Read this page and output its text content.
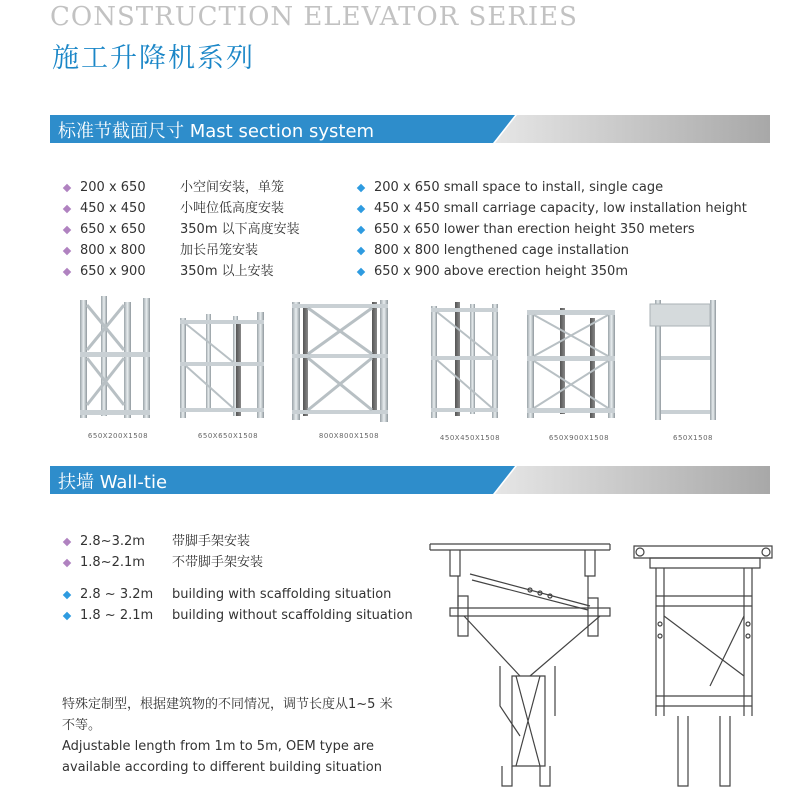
CONSTRUCTION ELEVATOR SERIES
施工升降机系列
标准节截面尺寸 Mast section system
200 x 650	小空间安装，单笼
450 x 450	小吨位低高度安装
650 x 650	350m 以下高度安装
800 x 800	加长吊笼安装
650 x 900	350m 以上安装
200 x 650 small space to install, single cage
450 x 450 small carriage capacity, low installation height
650 x 650 lower than erection height 350 meters
800 x 800 lengthened cage installation
650 x 900 above erection height 350m
650X200X1508	650X650X1508	800X800X1508	450X450X1508	650X900X1508	650X1508
扶墙 Wall-tie
2.8~3.2m	带脚手架安装
1.8~2.1m	不带脚手架安装
2.8 ~ 3.2m	building with scaffolding situation
1.8 ~ 2.1m	building without scaffolding situation
特殊定制型，根据建筑物的不同情况，调节长度从1~5 米不等。
Adjustable length from 1m to 5m, OEM type are available according to different building situation
